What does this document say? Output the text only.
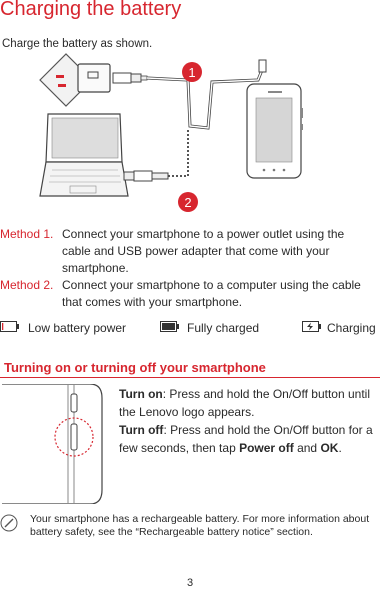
Charging the battery
Charge the battery as shown.
1
2
Method 1. Connect your smartphone to a power outlet using the cable and USB power adapter that come with your smartphone.
Method 2. Connect your smartphone to a computer using the cable that comes with your smartphone.
Low battery power	Fully charged	Charging
Turning on or turning off your smartphone

Turn on: Press and hold the On/Off button until the Lenovo logo appears.

Turn off: Press and hold the On/Off button for a few seconds, then tap Power off and OK.

Your smartphone has a rechargeable battery. For more information about battery safety, see the “Rechargeable battery notice” section.
3
